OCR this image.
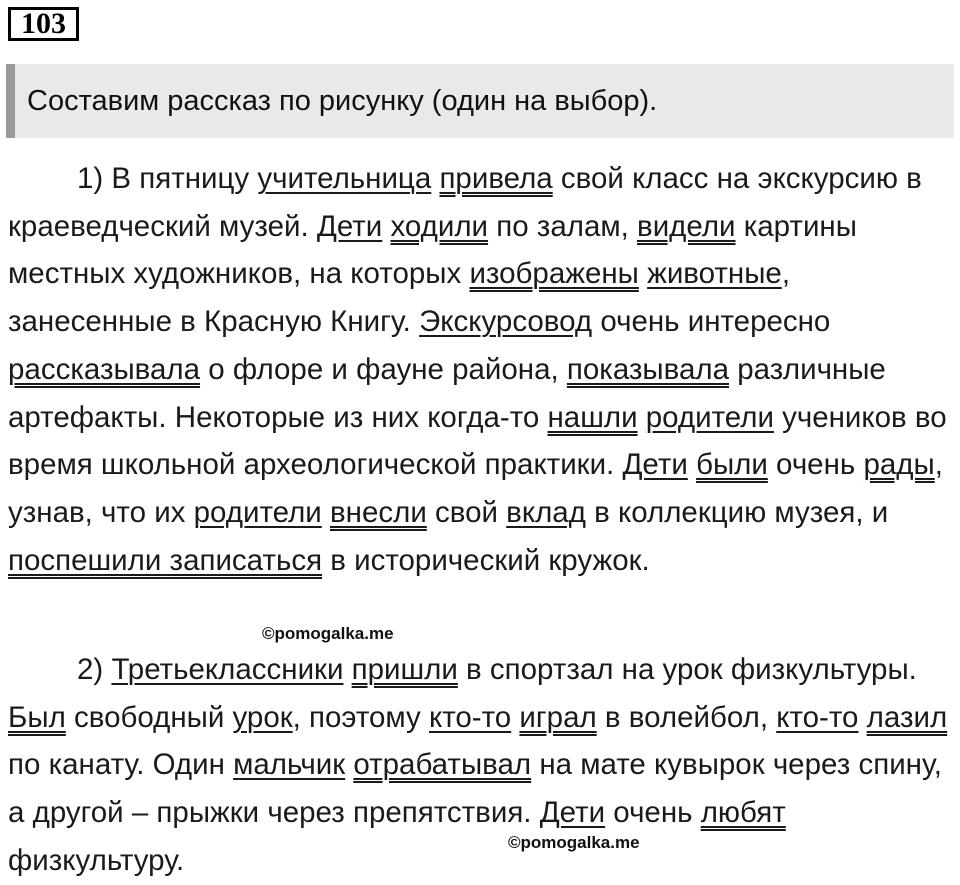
103
Составим рассказ по рисунку (один на выбор).
1) В пятницу учительница привела свой класс на экскурсию в краеведческий музей. Дети ходили по залам, видели картины местных художников, на которых изображены животные, занесенные в Красную Книгу. Экскурсовод очень интересно рассказывала о флоре и фауне района, показывала различные артефакты. Некоторые из них когда-то нашли родители учеников во время школьной археологической практики. Дети были очень рады, узнав, что их родители внесли свой вклад в коллекцию музея, и поспешили записаться в исторический кружок.
©pomogalka.me
2) Третьеклассники пришли в спортзал на урок физкультуры. Был свободный урок, поэтому кто-то играл в волейбол, кто-то лазил по канату. Один мальчик отрабатывал на мате кувырок через спину, а другой – прыжки через препятствия. Дети очень любят физкультуру.
©pomogalka.me
